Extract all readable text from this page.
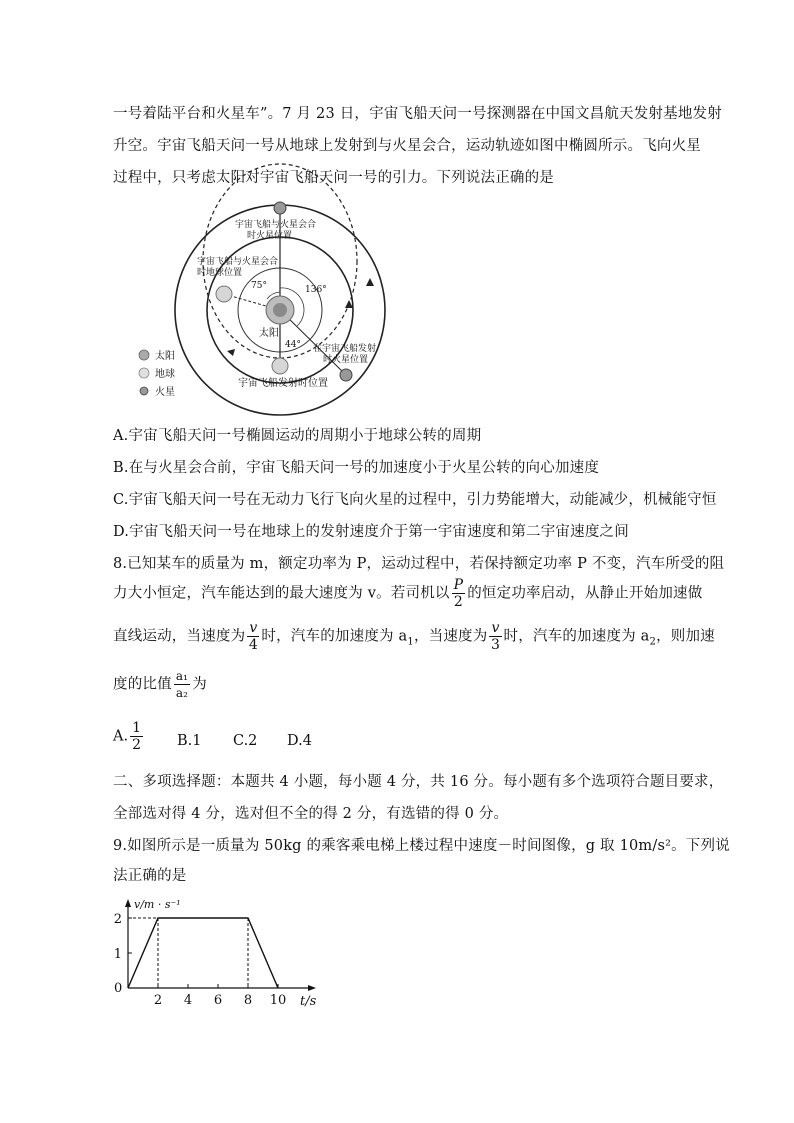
一号着陆平台和火星车”。7 月 23 日，宇宙飞船天问一号探测器在中国文昌航天发射基地发射
升空。宇宙飞船天问一号从地球上发射到与火星会合，运动轨迹如图中椭圆所示。飞向火星
过程中，只考虑太阳对宇宙飞船天问一号的引力。下列说法正确的是
太阳
75°	136°
44°
宇宙飞船与火星会合
时火星位置
宇宙飞船与火星会合
时地球位置
在宇宙飞船发射
时火星位置
宇宙飞船发射时位置
太阳
地球
火星
A.宇宙飞船天问一号椭圆运动的周期小于地球公转的周期
B.在与火星会合前，宇宙飞船天问一号的加速度小于火星公转的向心加速度
C.宇宙飞船天问一号在无动力飞行飞向火星的过程中，引力势能增大，动能减少，机械能守恒
D.宇宙飞船天问一号在地球上的发射速度介于第一宇宙速度和第二宇宙速度之间
8.已知某车的质量为 m，额定功率为 P，运动过程中，若保持额定功率 P 不变，汽车所受的阻
力大小恒定，汽车能达到的最大速度为 v。若司机以 $\frac{P}{2}$ 的恒定功率启动，从静止开始加速做
直线运动，当速度为 $\frac{v}{4}$ 时，汽车的加速度为 $a_1$，当速度为 $\frac{v}{3}$ 时，汽车的加速度为 $a_2$，则加速
度的比值 $\frac{\text{a₁}}{\text{a₂}}$ 为
A. $\frac{1}{2} B.1$ C.2 D.4
二、多项选择题：本题共 4 小题，每小题 4 分，共 16 分。每小题有多个选项符合题目要求，
全部选对得 4 分，选对但不全的得 2 分，有选错的得 0 分。
9.如图所示是一质量为 50kg 的乘客乘电梯上楼过程中速度－时间图像，g 取 10m/s²。下列说
法正确的是
0
t/s
v/m · s⁻¹
2 4 6 8 10
1
2
